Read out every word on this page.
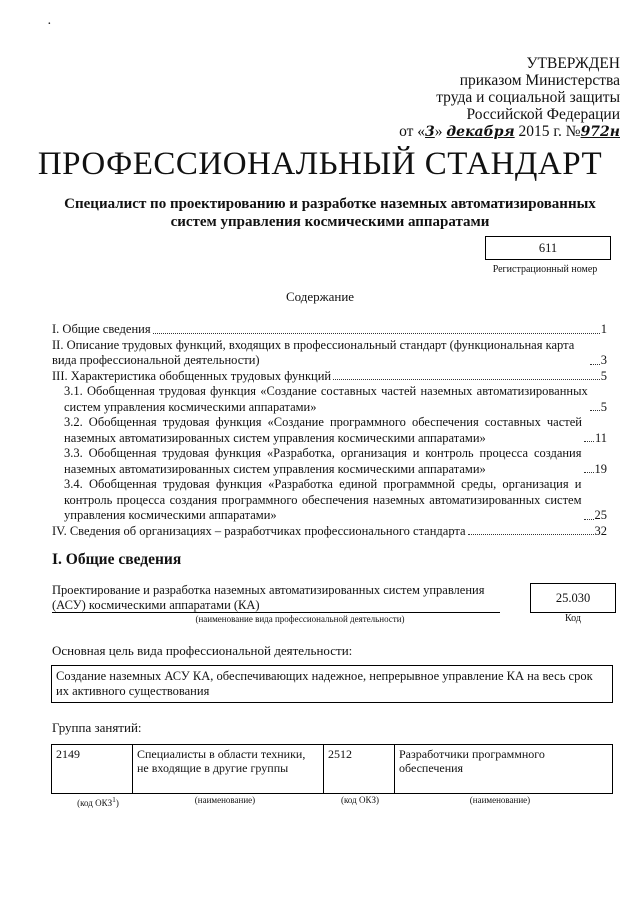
·
УТВЕРЖДЕН
приказом Министерства
труда и социальной защиты
Российской Федерации
от «3» декабря 2015 г. №972н
ПРОФЕССИОНАЛЬНЫЙ СТАНДАРТ
Специалист по проектированию и разработке наземных автоматизированных систем управления космическими аппаратами
611
Регистрационный номер
Содержание
I. Общие сведения	1
II. Описание трудовых функций, входящих в профессиональный стандарт (функциональная карта вида профессиональной деятельности)	3
III. Характеристика обобщенных трудовых функций	5
3.1. Обобщенная трудовая функция «Создание составных частей наземных автоматизированных систем управления космическими аппаратами»	5
3.2. Обобщенная трудовая функция «Создание программного обеспечения составных частей наземных автоматизированных систем управления космическими аппаратами»	11
3.3. Обобщенная трудовая функция «Разработка, организация и контроль процесса создания наземных автоматизированных систем управления космическими аппаратами»	19
3.4. Обобщенная трудовая функция «Разработка единой программной среды, организация и контроль процесса создания программного обеспечения наземных автоматизированных систем управления космическими аппаратами»	25
IV. Сведения об организациях – разработчиках профессионального стандарта	32
I. Общие сведения
Проектирование и разработка наземных автоматизированных систем управления (АСУ) космическими аппаратами (КА)
(наименование вида профессиональной деятельности)
25.030
Код
Основная цель вида профессиональной деятельности:
Создание наземных АСУ КА, обеспечивающих надежное, непрерывное управление КА на весь срок их активного существования
Группа занятий:
2149	Специалисты в области техники, не входящие в другие группы	2512	Разработчики программного обеспечения
(код ОКЗ$^1$)	(наименование)	(код ОКЗ)	(наименование)
